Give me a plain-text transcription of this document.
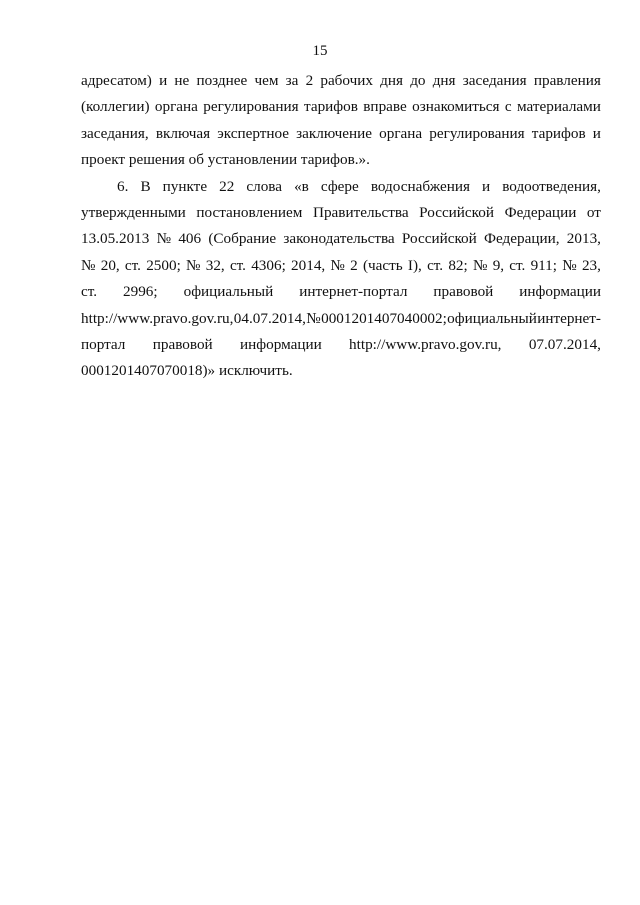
15
адресатом) и не позднее чем за 2 рабочих дня до дня заседания правления
(коллегии) органа регулирования тарифов вправе ознакомиться с материалами
заседания, включая экспертное заключение органа регулирования тарифов и
проект решения об установлении тарифов.».
6. В пункте 22 слова «в сфере водоснабжения и водоотведения,
утвержденными постановлением Правительства Российской Федерации от
13.05.2013 № 406 (Собрание законодательства Российской Федерации, 2013,
№ 20, ст. 2500; № 32, ст. 4306; 2014, № 2 (часть I), ст. 82; № 9, ст. 911; № 23,
ст. 2996; официальный интернет-портал правовой информации
http://www.pravo.gov.ru, 04.07.2014, № 0001201407040002; официальный интернет-
портал правовой информации http://www.pravo.gov.ru, 07.07.2014,
0001201407070018)» исключить.
